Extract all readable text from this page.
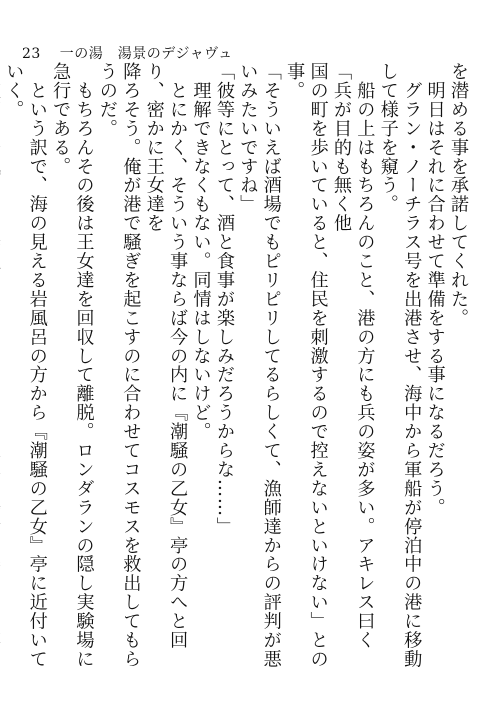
23 一の湯　湯景のデジャヴュ

を潜める事を承諾してくれた。

　明日はそれに合わせて準備をする事になるだろう。

　グラン・ノーチラス号を出港させ、海中から軍船が停泊中の港に移動して様子を窺う。

　船の上はもちろんのこと、港の方にも兵の姿が多い。アキレス曰く「兵が目的も無く他

国の町を歩いていると、住民を刺激するので控えないといけない」との事。

「そういえば酒場でもピリピリしてるらしくて、漁師達からの評判が悪いみたいですね」

「彼等にとって、酒と食事が楽しみだろうからな……」

　理解できなくもない。同情はしないけど。

　とにかく、そういう事ならば今の内に『潮騒の乙女』亭の方へと回り、密かに王女達を

降ろそう。俺が港で騒ぎを起こすのに合わせてコスモスを救出してもらうのだ。

　もちろんその後は王女達を回収して離脱。ロンダランの隠し実験場に急行である。

　という訳で、海の見える岩風呂の方から『潮騒の乙女』亭に近付いていく。
